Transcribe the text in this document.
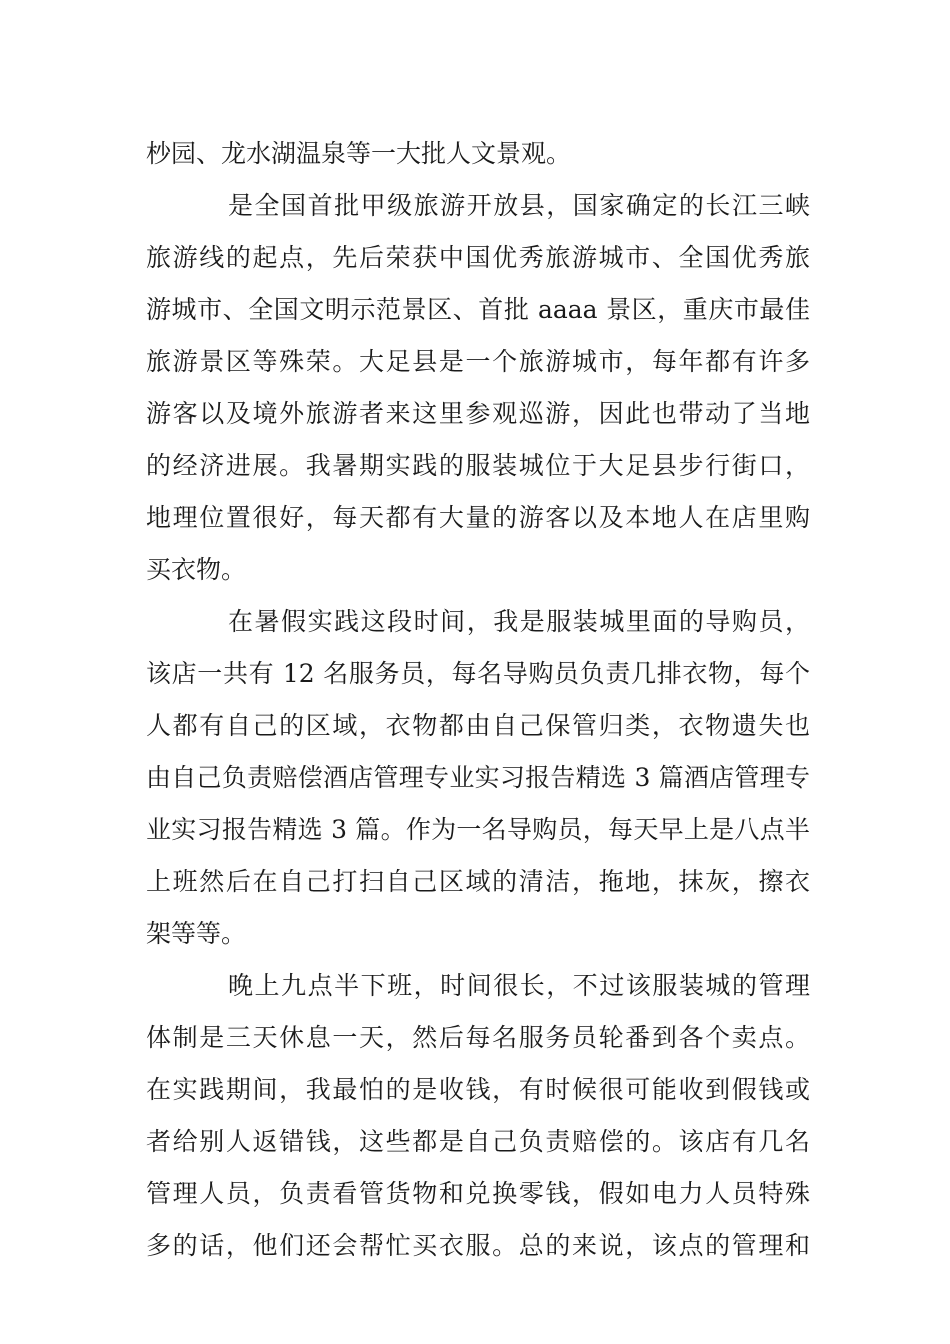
杪园、龙水湖温泉等一大批人文景观。
是全国首批甲级旅游开放县，国家确定的长江三峡
旅游线的起点，先后荣获中国优秀旅游城市、全国优秀旅
游城市、全国文明示范景区、首批 aaaa 景区，重庆市最佳
旅游景区等殊荣。大足县是一个旅游城市，每年都有许多
游客以及境外旅游者来这里参观巡游，因此也带动了当地
的经济进展。我暑期实践的服装城位于大足县步行街口，
地理位置很好，每天都有大量的游客以及本地人在店里购
买衣物。
在暑假实践这段时间，我是服装城里面的导购员，
该店一共有 12 名服务员，每名导购员负责几排衣物，每个
人都有自己的区域，衣物都由自己保管归类，衣物遗失也
由自己负责赔偿酒店管理专业实习报告精选 3 篇酒店管理专
业实习报告精选 3 篇。作为一名导购员，每天早上是八点半
上班然后在自己打扫自己区域的清洁，拖地，抹灰，擦衣
架等等。
晚上九点半下班，时间很长，不过该服装城的管理
体制是三天休息一天，然后每名服务员轮番到各个卖点。
在实践期间，我最怕的是收钱，有时候很可能收到假钱或
者给别人返错钱，这些都是自己负责赔偿的。该店有几名
管理人员，负责看管货物和兑换零钱，假如电力人员特殊
多的话，他们还会帮忙买衣服。总的来说，该点的管理和
